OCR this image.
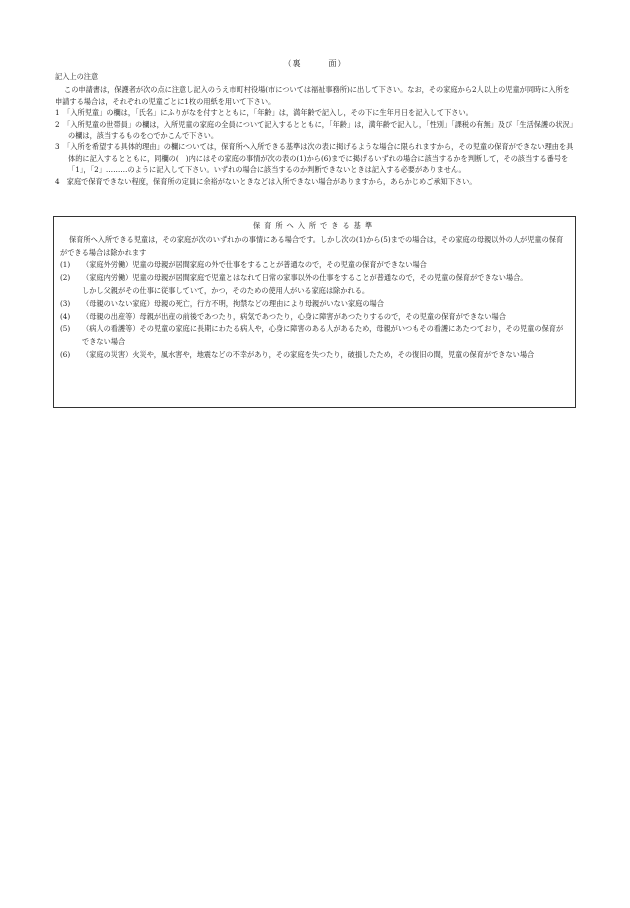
（裏　　　面）

記入上の注意

この申請書は，保護者が次の点に注意し記入のうえ市町村役場(市については福祉事務所)に出して下さい。なお，その家庭から2人以上の児童が同時に入所を申請する場合は，それぞれの児童ごとに1枚の用紙を用いて下さい。

1　 「入所児童」の欄は，「氏名」にふりがなを付すとともに，「年齢」は，満年齢で記入し，その下に生年月日を記入して下さい。

2　 「入所児童の世帯員」の欄は，入所児童の家庭の全員について記入するとともに，「年齢」は，満年齢で記入し，「性別」「課税の有無」及び「生活保護の状況」の欄は，該当するものを○でかこんで下さい。

3　 「入所を希望する具体的理由」の欄については，保育所へ入所できる基準は次の表に掲げるような場合に限られますから，その児童の保育ができない理由を具体的に記入するとともに，同欄の(　)内にはその家庭の事情が次の表の(1)から(6)までに掲げるいずれの場合に該当するかを判断して，その該当する番号を「1」，「2」………のように記入して下さい。いずれの場合に該当するのか判断できないときは記入する必要がありません。

4　 家庭で保育できない程度，保育所の定員に余裕がないときなどは入所できない場合がありますから，あらかじめご承知下さい。

保育所へ入所できる基準

保育所へ入所できる児童は，その家庭が次のいずれかの事情にある場合です。しかし次の(1)から(5)までの場合は，その家庭の母親以外の人が児童の保育ができる場合は除かれます

(1)	（家庭外労働）児童の母親が居間家庭の外で仕事をすることが普通なので，その児童の保育ができない場合
(2)	（家庭内労働）児童の母親が居間家庭で児童とはなれて日常の家事以外の仕事をすることが普通なので，その児童の保育ができない場合。

しかし父親がその仕事に従事していて，かつ，そのための使用人がいる家庭は除かれる。

(3)	（母親のいない家庭）母親の死亡，行方不明，拘禁などの理由により母親がいない家庭の場合
(4)	（母親の出産等）母親が出産の前後であつたり，病気であつたり，心身に障害があつたりするので，その児童の保育ができない場合
(5)	（病人の看護等）その児童の家庭に長期にわたる病人や，心身に障害のある人があるため，母親がいつもその看護にあたつており，その児童の保育ができない場合
(6)	（家庭の災害）火災や，風水害や，地震などの不幸があり，その家庭を失つたり，破損したため，その復旧の間，児童の保育ができない場合
